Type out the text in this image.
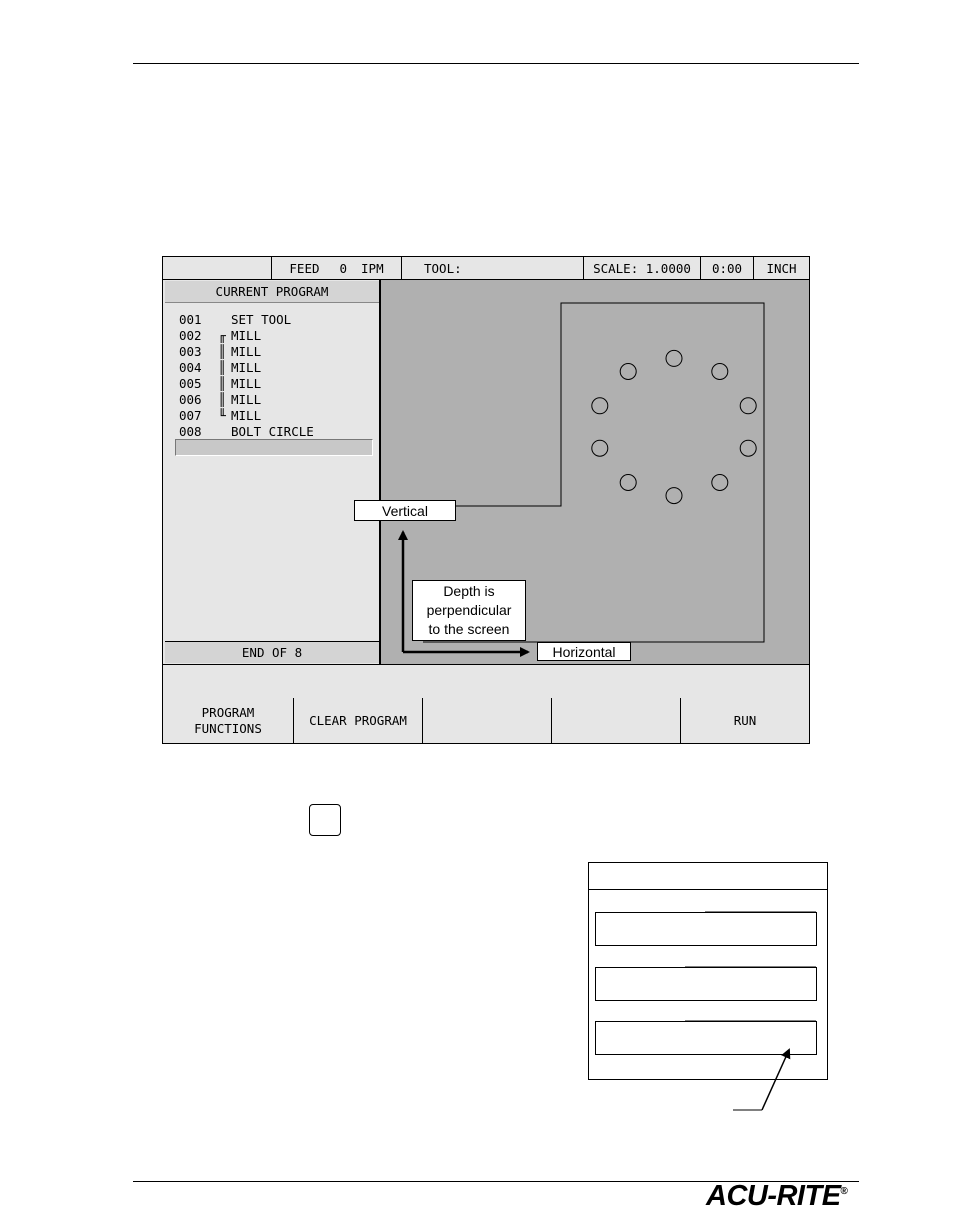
FEED 0 IPM	TOOL:	SCALE: 1.0000 0:00 INCH
CURRENT PROGRAM
001	SET TOOL
002	╓ MILL
003	║ MILL
004	║ MILL
005	║ MILL
006	║ MILL
007	╙ MILL
008	BOLT CIRCLE
END OF 8
PROGRAM
FUNCTIONS
CLEAR PROGRAM	RUN
Vertical
Horizontal
Depth is
perpendicular
to the screen
ACU-RITE®
